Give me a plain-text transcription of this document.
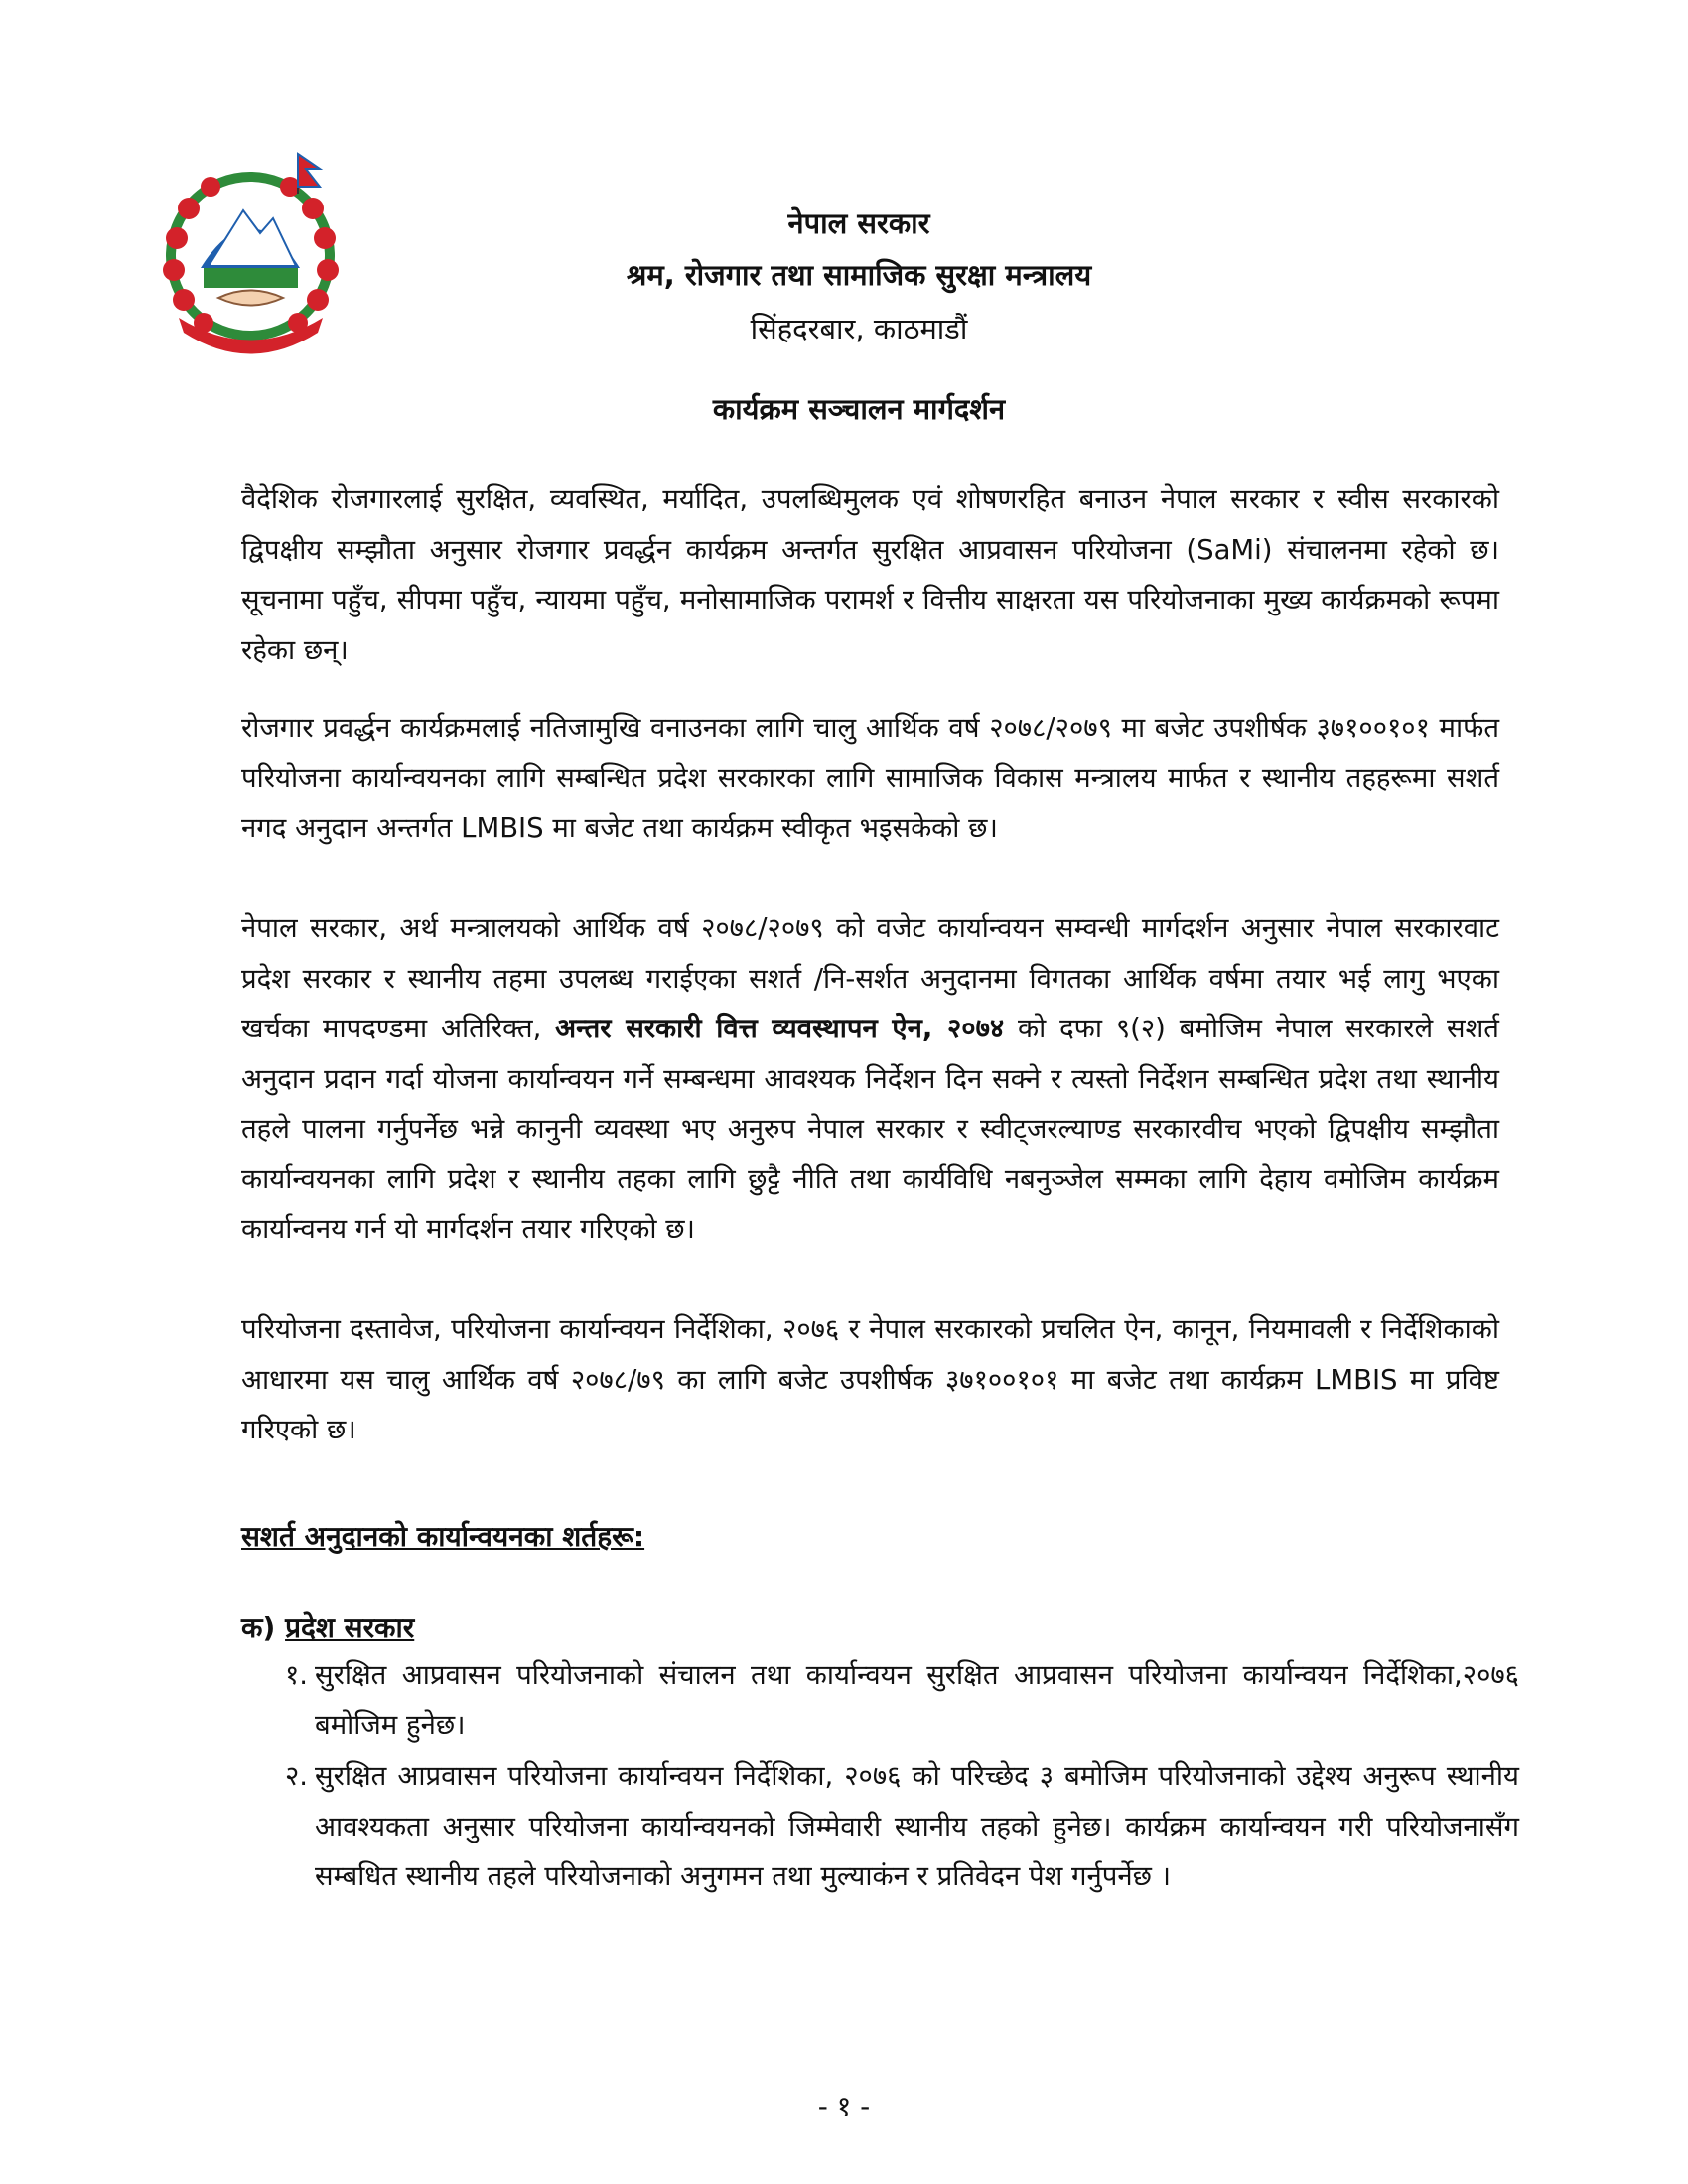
नेपाल सरकार
श्रम, रोजगार तथा सामाजिक सुरक्षा मन्त्रालय
सिंहदरबार, काठमाडौं
कार्यक्रम सञ्चालन मार्गदर्शन

वैदेशिक रोजगारलाई सुरक्षित, व्यवस्थित, मर्यादित, उपलब्धिमुलक एवं शोषणरहित बनाउन नेपाल सरकार र स्वीस सरकारको द्विपक्षीय सम्झौता अनुसार रोजगार प्रवर्द्धन कार्यक्रम अन्तर्गत सुरक्षित आप्रवासन परियोजना (SaMi) संचालनमा रहेको छ। सूचनामा पहुँच, सीपमा पहुँच, न्यायमा पहुँच, मनोसामाजिक परामर्श र वित्तीय साक्षरता यस परियोजनाका मुख्य कार्यक्रमको रूपमा रहेका छन्।

रोजगार प्रवर्द्धन कार्यक्रमलाई नतिजामुखि वनाउनका लागि चालु आर्थिक वर्ष २०७८/२०७९ मा बजेट उपशीर्षक ३७१००१०१ मार्फत परियोजना कार्यान्वयनका लागि सम्बन्धित प्रदेश सरकारका लागि सामाजिक विकास मन्त्रालय मार्फत र स्थानीय तहहरूमा सशर्त नगद अनुदान अन्तर्गत LMBIS मा बजेट तथा कार्यक्रम स्वीकृत भइसकेको छ।

नेपाल सरकार, अर्थ मन्त्रालयको आर्थिक वर्ष २०७८/२०७९ को वजेट कार्यान्वयन सम्वन्धी मार्गदर्शन अनुसार नेपाल सरकारवाट प्रदेश सरकार र स्थानीय तहमा उपलब्ध गराईएका सशर्त /नि-सर्शत अनुदानमा विगतका आर्थिक वर्षमा तयार भई लागु भएका खर्चका मापदण्डमा अतिरिक्त, अन्तर सरकारी वित्त व्यवस्थापन ऐन, २०७४ को दफा ९(२) बमोजिम नेपाल सरकारले सशर्त अनुदान प्रदान गर्दा योजना कार्यान्वयन गर्ने सम्बन्धमा आवश्यक निर्देशन दिन सक्ने र त्यस्तो निर्देशन सम्बन्धित प्रदेश तथा स्थानीय तहले पालना गर्नुपर्नेछ भन्ने कानुनी व्यवस्था भए अनुरुप नेपाल सरकार र स्वीट्जरल्याण्ड सरकारवीच भएको द्विपक्षीय सम्झौता कार्यान्वयनका लागि प्रदेश र स्थानीय तहका लागि छुट्टै नीति तथा कार्यविधि नबनुञ्जेल सम्मका लागि देहाय वमोजिम कार्यक्रम कार्यान्वनय गर्न यो मार्गदर्शन तयार गरिएको छ।

परियोजना दस्तावेज, परियोजना कार्यान्वयन निर्देशिका, २०७६ र नेपाल सरकारको प्रचलित ऐन, कानून, नियमावली र निर्देशिकाको आधारमा यस चालु आर्थिक वर्ष २०७८/७९ का लागि बजेट उपशीर्षक ३७१००१०१ मा बजेट तथा कार्यक्रम LMBIS मा प्रविष्ट गरिएको छ।

सशर्त अनुदानको कार्यान्वयनका शर्तहरू:
क) प्रदेश सरकार
१. सुरक्षित आप्रवासन परियोजनाको संचालन तथा कार्यान्वयन सुरक्षित आप्रवासन परियोजना कार्यान्वयन निर्देशिका,२०७६ बमोजिम हुनेछ।
२. सुरक्षित आप्रवासन परियोजना कार्यान्वयन निर्देशिका, २०७६ को परिच्छेद ३ बमोजिम परियोजनाको उद्देश्य अनुरूप स्थानीय आवश्यकता अनुसार परियोजना कार्यान्वयनको जिम्मेवारी स्थानीय तहको हुनेछ। कार्यक्रम कार्यान्वयन गरी परियोजनासँग सम्बधित स्थानीय तहले परियोजनाको अनुगमन तथा मुल्याकंन र प्रतिवेदन पेश गर्नुपर्नेछ ।
- १ -
